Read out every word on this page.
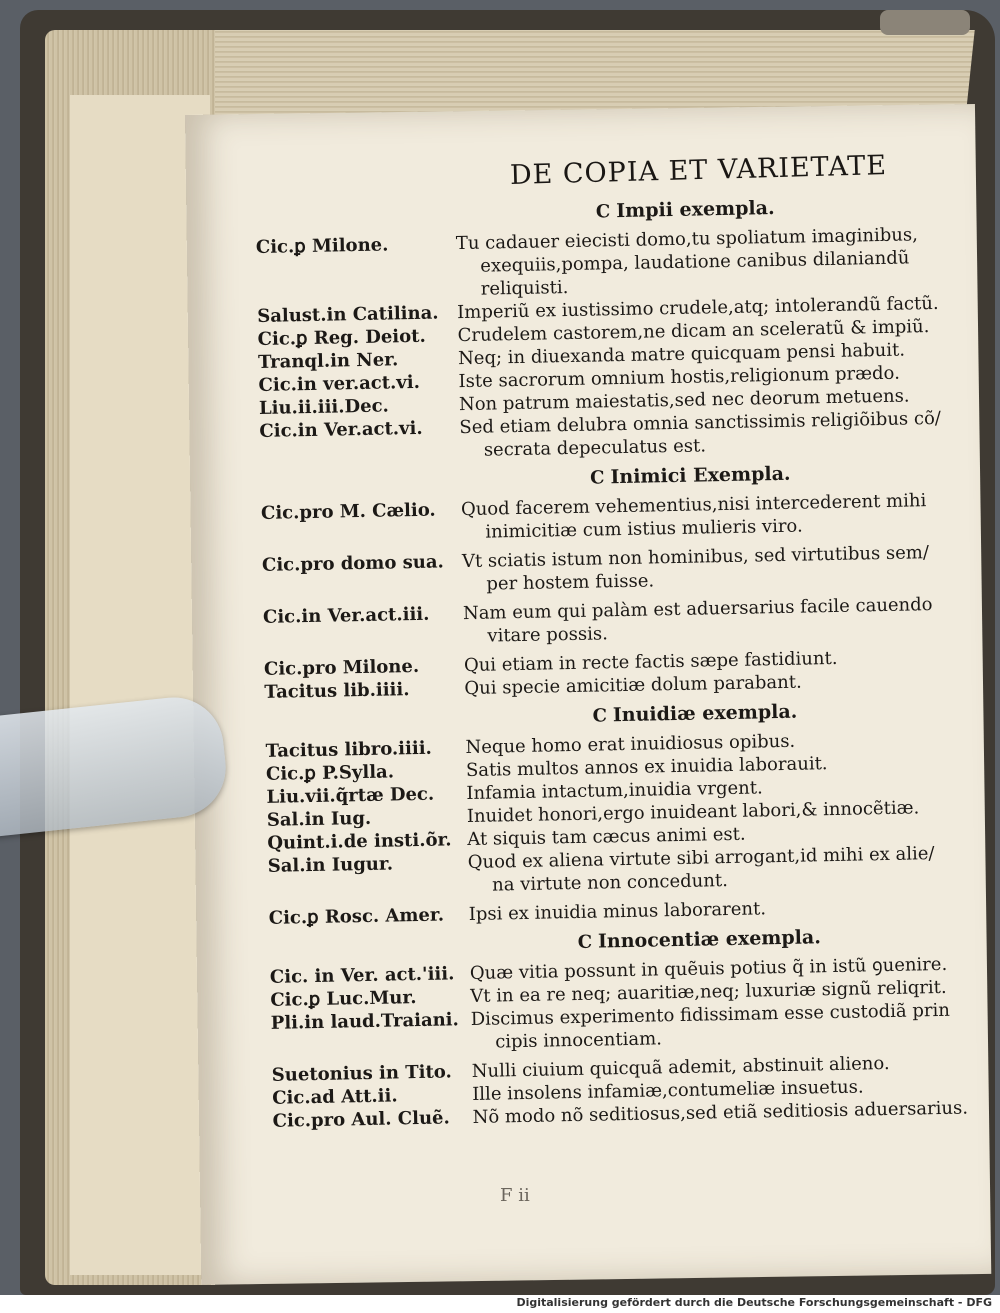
DE COPIA ET VARIETATE
C Impii exempla.
Cic.ꝑ Milone.	Tu cadauer eiecisti domo,tu spoliatum imaginibus,
exequiis,pompa, laudatione canibus dilaniandũ
reliquisti.
Salust.in Catilina.	Imperiũ ex iustissimo crudele,atq; intolerandũ factũ.
Cic.ꝑ Reg. Deiot.	Crudelem castorem,ne dicam an sceleratũ & impiũ.
Tranql.in Ner.	Neq; in diuexanda matre quicquam pensi habuit.
Cic.in ver.act.vi.	Iste sacrorum omnium hostis,religionum prædo.
Liu.ii.iii.Dec.	Non patrum maiestatis,sed nec deorum metuens.
Cic.in Ver.act.vi.	Sed etiam delubra omnia sanctissimis religiõibus cõ/
secrata depeculatus est.
C Inimici Exempla.
Cic.pro M. Cælio.	Quod facerem vehementius,nisi intercederent mihi
inimicitiæ cum istius mulieris viro.
Cic.pro domo sua. Vt sciatis istum non hominibus, sed virtutibus sem/
per hostem fuisse.
Cic.in Ver.act.iii.	Nam eum qui palàm est aduersarius facile cauendo
vitare possis.
Cic.pro Milone.	Qui etiam in recte factis sæpe fastidiunt.
Tacitus lib.iiii.	Qui specie amicitiæ dolum parabant.
C Inuidiæ exempla.
Tacitus libro.iiii.	Neque homo erat inuidiosus opibus.
Cic.ꝑ P.Sylla.	Satis multos annos ex inuidia laborauit.
Liu.vii.q̃rtæ Dec.	Infamia intactum,inuidia vrgent.
Sal.in Iug.	Inuidet honori,ergo inuideant labori,& innocẽtiæ.
Quint.i.de insti.õr. At siquis tam cæcus animi est.
Sal.in Iugur.	Quod ex aliena virtute sibi arrogant,id mihi ex alie/
na virtute non concedunt.
Cic.ꝑ Rosc. Amer.	Ipsi ex inuidia minus laborarent.
C Innocentiæ exempla.
Cic. in Ver. act.'iii. Quæ vitia possunt in quẽuis potius q̃ in istũ ꝯuenire.
Cic.ꝑ Luc.Mur.	Vt in ea re neq; auaritiæ,neq; luxuriæ signũ reliqrit.
Pli.in laud.Traiani. Discimus experimento fidissimam esse custodiã prin
cipis innocentiam.
Suetonius in Tito.	Nulli ciuium quicquã ademit, abstinuit alieno.
Cic.ad Att.ii.	Ille insolens infamiæ,contumeliæ insuetus.
Cic.pro Aul. Cluẽ.	Nõ modo nõ seditiosus,sed etiã seditiosis aduersarius.
F ii
Digitalisierung gefördert durch die Deutsche Forschungsgemeinschaft - DFG
